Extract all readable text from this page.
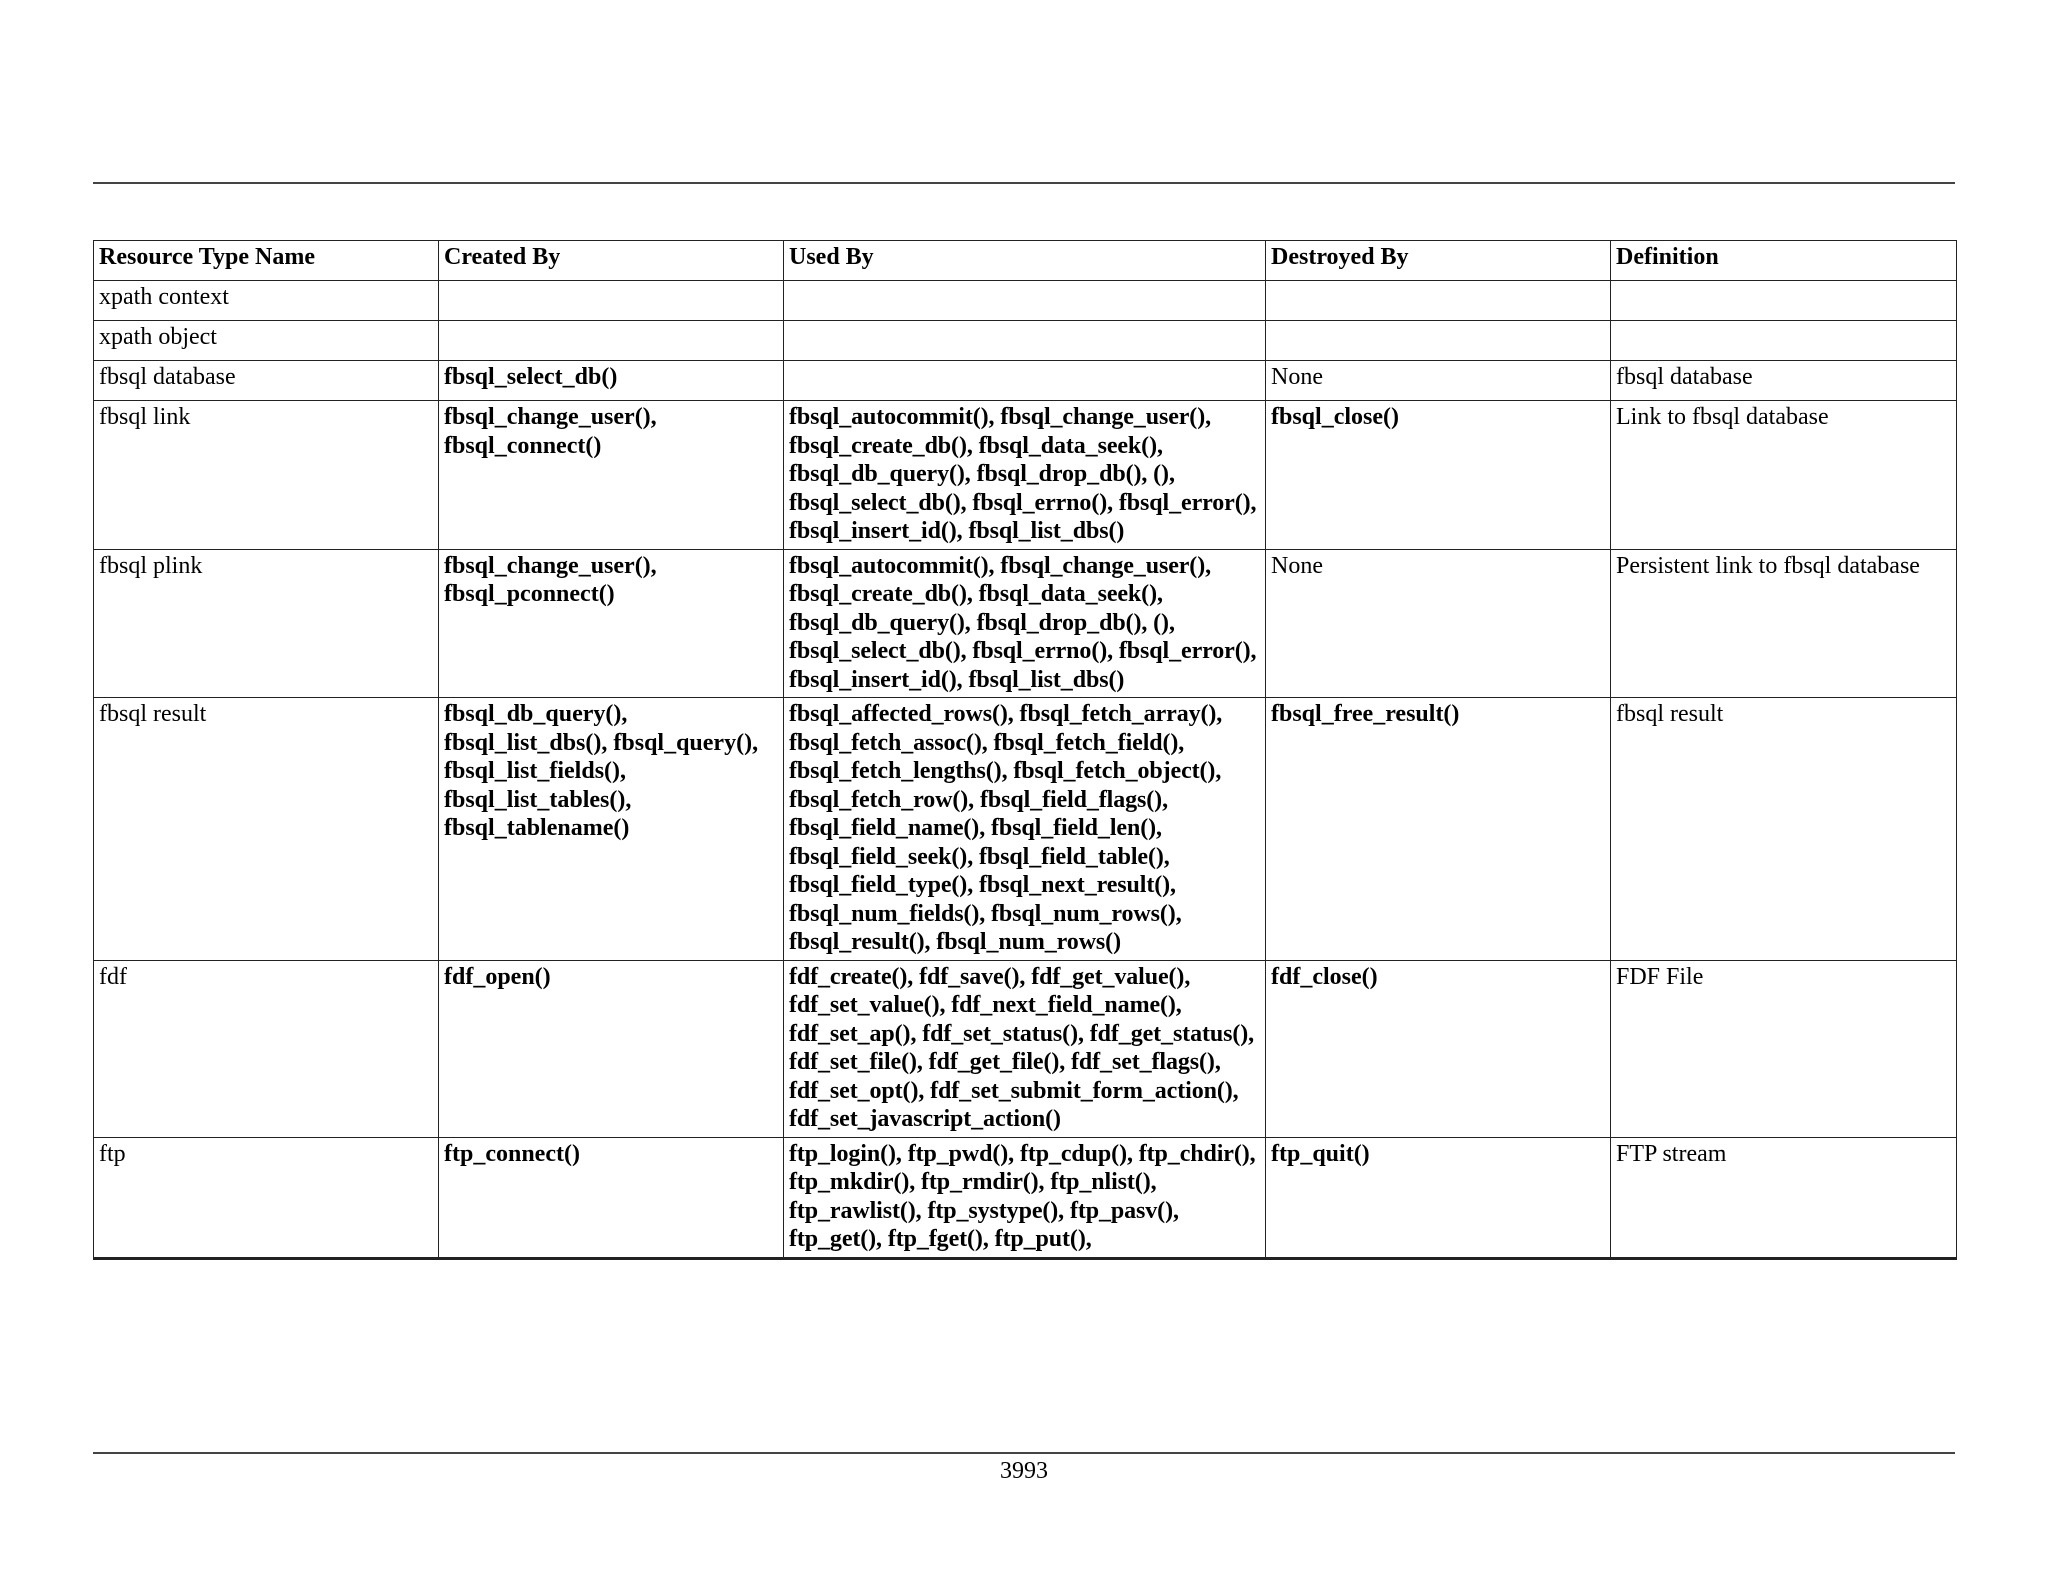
Resource Type Name	Created By	Used By	Destroyed By	Definition
xpath context				
xpath object				
fbsql database	fbsql_select_db()		None	fbsql database
fbsql link	fbsql_change_user(), fbsql_connect()	fbsql_autocommit(), fbsql_change_user(), fbsql_create_db(), fbsql_data_seek(), fbsql_db_query(), fbsql_drop_db(), (), fbsql_select_db(), fbsql_errno(), fbsql_error(), fbsql_insert_id(), fbsql_list_dbs()	fbsql_close()	Link to fbsql database
fbsql plink	fbsql_change_user(), fbsql_pconnect()	fbsql_autocommit(), fbsql_change_user(), fbsql_create_db(), fbsql_data_seek(), fbsql_db_query(), fbsql_drop_db(), (), fbsql_select_db(), fbsql_errno(), fbsql_error(), fbsql_insert_id(), fbsql_list_dbs()	None	Persistent link to fbsql database
fbsql result	fbsql_db_query(), fbsql_list_dbs(), fbsql_query(), fbsql_list_fields(), fbsql_list_tables(), fbsql_tablename()	fbsql_affected_rows(), fbsql_fetch_array(), fbsql_fetch_assoc(), fbsql_fetch_field(), fbsql_fetch_lengths(), fbsql_fetch_object(), fbsql_fetch_row(), fbsql_field_flags(), fbsql_field_name(), fbsql_field_len(), fbsql_field_seek(), fbsql_field_table(), fbsql_field_type(), fbsql_next_result(), fbsql_num_fields(), fbsql_num_rows(), fbsql_result(), fbsql_num_rows()	fbsql_free_result()	fbsql result
fdf	fdf_open()	fdf_create(), fdf_save(), fdf_get_value(), fdf_set_value(), fdf_next_field_name(), fdf_set_ap(), fdf_set_status(), fdf_get_status(), fdf_set_file(), fdf_get_file(), fdf_set_flags(), fdf_set_opt(), fdf_set_submit_form_action(), fdf_set_javascript_action()	fdf_close()	FDF File
ftp	ftp_connect()	ftp_login(), ftp_pwd(), ftp_cdup(), ftp_chdir(), ftp_mkdir(), ftp_rmdir(), ftp_nlist(), ftp_rawlist(), ftp_systype(), ftp_pasv(), ftp_get(), ftp_fget(), ftp_put(),	ftp_quit()	FTP stream
3993
